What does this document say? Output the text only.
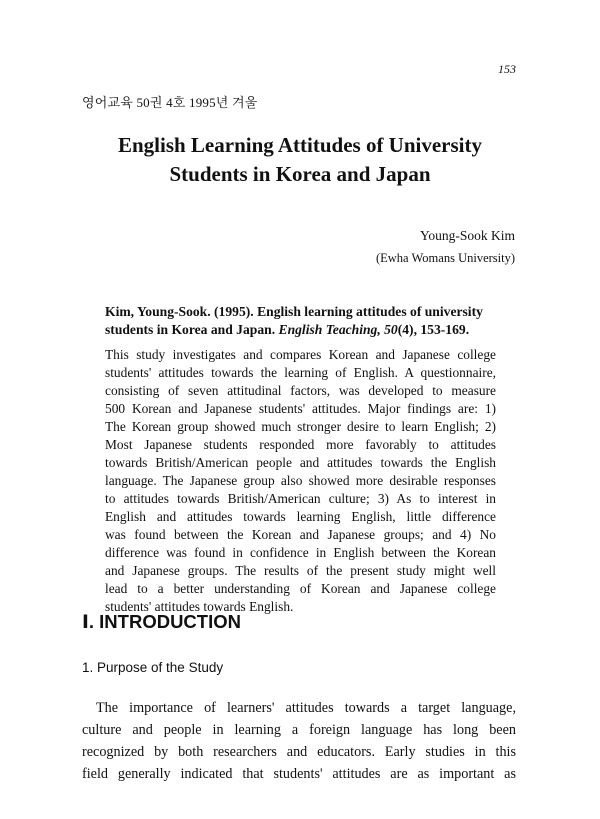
153
영어교육 50권 4호 1995년 겨울
English Learning Attitudes of University
Students in Korea and Japan
Young-Sook Kim
(Ewha Womans University)
Kim, Young-Sook. (1995). English learning attitudes of university students in Korea and Japan. English Teaching, 50(4), 153-169.
This study investigates and compares Korean and Japanese college
students' attitudes towards the learning of English. A questionnaire,
consisting of seven attitudinal factors, was developed to measure
500 Korean and Japanese students' attitudes. Major findings are: 1)
The Korean group showed much stronger desire to learn English; 2)
Most Japanese students responded more favorably to attitudes
towards British/American people and attitudes towards the English
language. The Japanese group also showed more desirable responses
to attitudes towards British/American culture; 3) As to interest in
English and attitudes towards learning English, little difference
was found between the Korean and Japanese groups; and 4) No
difference was found in confidence in English between the Korean
and Japanese groups. The results of the present study might well
lead to a better understanding of Korean and Japanese college
students' attitudes towards English.
Ⅰ. INTRODUCTION
1. Purpose of the Study
The importance of learners' attitudes towards a target language,
culture and people in learning a foreign language has long been
recognized by both researchers and educators. Early studies in this
field generally indicated that students' attitudes are as important as
